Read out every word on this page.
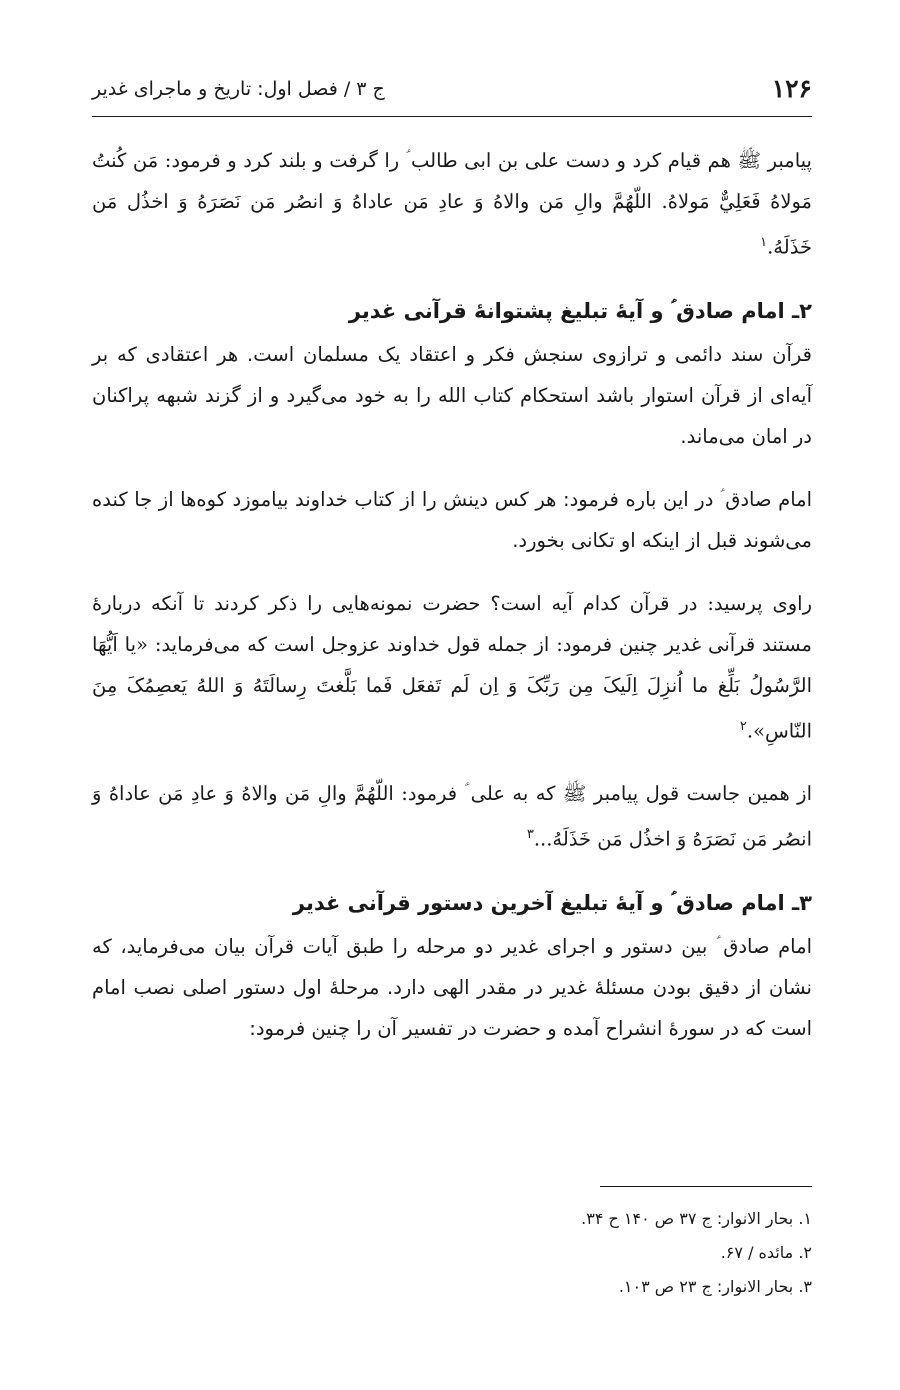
۱۲۶
ج ۳ / فصل اول: تاریخ و ماجرای غدیر

پیامبر ﷺ هم قیام کرد و دست علی بن ابی طالب ؑ را گرفت و بلند کرد و فرمود: مَن كُنتُ مَولاهُ فَعَلِيٌّ مَولاهُ. اللّهُمَّ والِ مَن والاهُ وَ عادِ مَن عاداهُ وَ انصُر مَن نَصَرَهُ وَ اخذُل مَن خَذَلَهُ.$^۱$

۲ـ امام صادق ؑ و آیهٔ تبلیغ پشتوانهٔ قرآنی غدیر

قرآن سند دائمی و ترازوی سنجش فکر و اعتقاد یک مسلمان است. هر اعتقادی که بر آیه‌ای از قرآن استوار باشد استحکام کتاب الله را به خود می‌گیرد و از گزند شبهه پراکنان در امان می‌ماند.

امام صادق ؑ در این باره فرمود: هر کس دینش را از کتاب خداوند بیاموزد کوه‌ها از جا کنده می‌شوند قبل از اینکه او تکانی بخورد.

راوی پرسید: در قرآن کدام آیه است؟ حضرت نمونه‌هایی را ذکر کردند تا آنکه دربارهٔ مستند قرآنی غدیر چنین فرمود: از جمله قول خداوند عزوجل است که می‌فرماید: «یا اَیُّهَا الرَّسُولُ بَلِّغ ما اُنزِلَ اِلَیکَ مِن رَبِّکَ وَ اِن لَم تَفعَل فَما بَلَّغتَ رِسالَتَهُ وَ اللهُ یَعصِمُکَ مِنَ النّاسِ».$^۲$

از همین جاست قول پیامبر ﷺ که به علی ؑ فرمود: اللّهُمَّ والِ مَن والاهُ وَ عادِ مَن عاداهُ وَ انصُر مَن نَصَرَهُ وَ اخذُل مَن خَذَلَهُ...$^۳$

۳ـ امام صادق ؑ و آیهٔ تبلیغ آخرین دستور قرآنی غدیر

امام صادق ؑ بین دستور و اجرای غدیر دو مرحله را طبق آیات قرآن بیان می‌فرماید، که نشان از دقیق بودن مسئلهٔ غدیر در مقدر الهی دارد. مرحلهٔ اول دستور اصلی نصب امام است که در سورهٔ انشراح آمده و حضرت در تفسیر آن را چنین فرمود:

۱. بحار الانوار: ج ۳۷ ص ۱۴۰ ح ۳۴.
۲. مائده / ۶۷.
۳. بحار الانوار: ج ۲۳ ص ۱۰۳.
